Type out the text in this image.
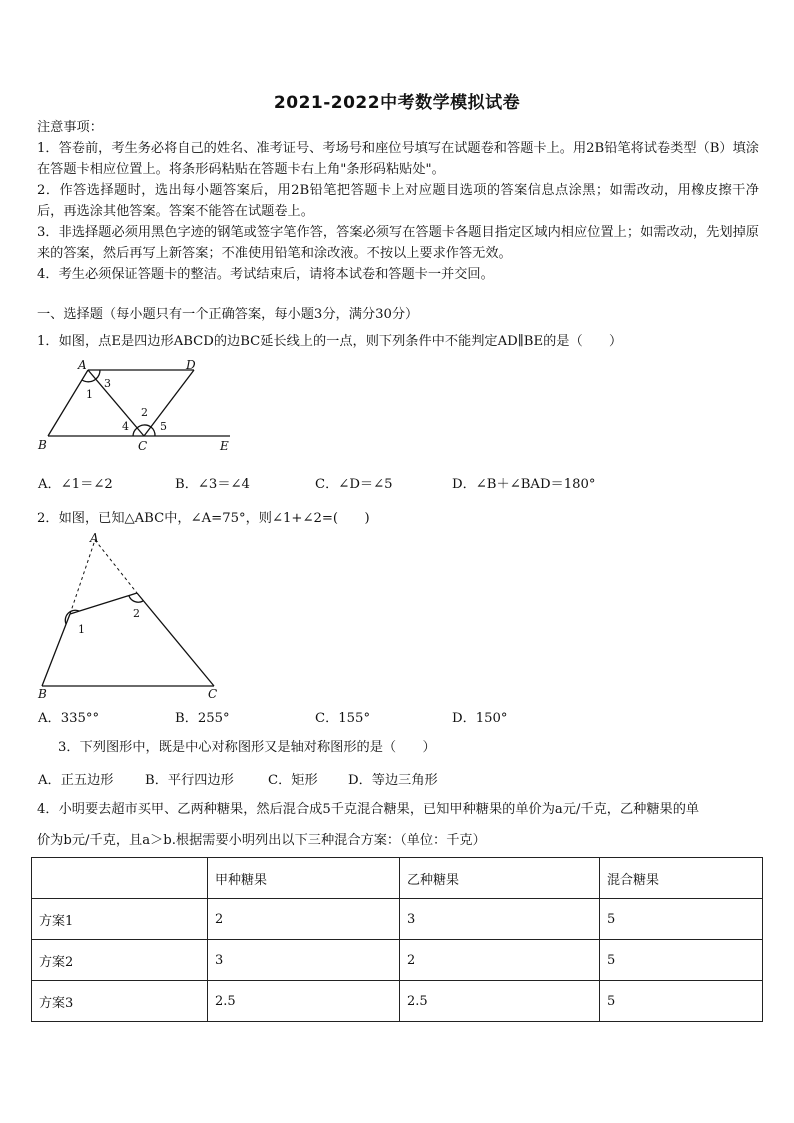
2021-2022中考数学模拟试卷

注意事项：

1．答卷前，考生务必将自己的姓名、准考证号、考场号和座位号填写在试题卷和答题卡上。用2B铅笔将试卷类型（B）填涂在答题卡相应位置上。将条形码粘贴在答题卡右上角"条形码粘贴处"。

2．作答选择题时，选出每小题答案后，用2B铅笔把答题卡上对应题目选项的答案信息点涂黑；如需改动，用橡皮擦干净后，再选涂其他答案。答案不能答在试题卷上。

3．非选择题必须用黑色字迹的钢笔或签字笔作答，答案必须写在答题卡各题目指定区域内相应位置上；如需改动，先划掉原来的答案，然后再写上新答案；不准使用铅笔和涂改液。不按以上要求作答无效。

4．考生必须保证答题卡的整洁。考试结束后，请将本试卷和答题卡一并交回。

一、选择题（每小题只有一个正确答案，每小题3分，满分30分）
1．如图，点E是四边形ABCD的边BC延长线上的一点，则下列条件中不能判定AD∥BE的是（　　）
A	D
B	C	E
1
3
2
4	5
A．∠1＝∠2	B．∠3＝∠4	C．∠D＝∠5	D．∠B＋∠BAD＝180°
2．如图，已知△ABC中，∠A=75°，则∠1+∠2=(　　)
A
B	C
1
2
A．335°°	B．255°	C．155°	D．150°
3．下列图形中，既是中心对称图形又是轴对称图形的是（　　）
A．正五边形 B．平行四边形	C．矩形 D．等边三角形
4．小明要去超市买甲、乙两种糖果，然后混合成5千克混合糖果，已知甲种糖果的单价为a元/千克，乙种糖果的单
价为b元/千克，且a＞b.根据需要小明列出以下三种混合方案：（单位：千克）
	甲种糖果	乙种糖果	混合糖果
方案1	2	3	5
方案2	3	2	5
方案3	2.5	2.5	5
